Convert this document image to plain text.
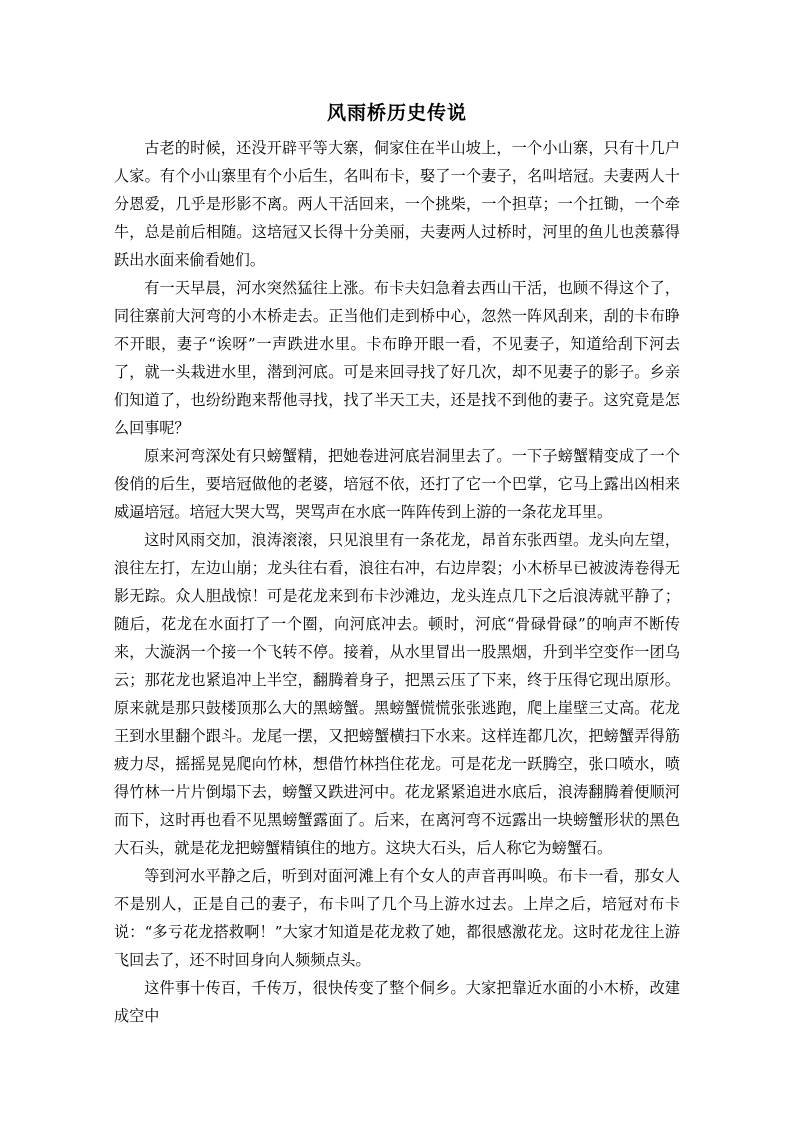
风雨桥历史传说

古老的时候，还没开辟平等大寨，侗家住在半山坡上，一个小山寨，只有十几户人家。有个小山寨里有个小后生，名叫布卡，娶了一个妻子，名叫培冠。夫妻两人十分恩爱，几乎是形影不离。两人干活回来，一个挑柴，一个担草；一个扛锄，一个牵牛，总是前后相随。这培冠又长得十分美丽，夫妻两人过桥时，河里的鱼儿也羡慕得跃出水面来偷看她们。

有一天早晨，河水突然猛往上涨。布卡夫妇急着去西山干活，也顾不得这个了，同往寨前大河弯的小木桥走去。正当他们走到桥中心，忽然一阵风刮来，刮的卡布睁不开眼，妻子“诶呀”一声跌进水里。卡布睁开眼一看，不见妻子，知道给刮下河去了，就一头栽进水里，潜到河底。可是来回寻找了好几次，却不见妻子的影子。乡亲们知道了，也纷纷跑来帮他寻找，找了半天工夫，还是找不到他的妻子。这究竟是怎么回事呢？

原来河弯深处有只螃蟹精，把她卷进河底岩洞里去了。一下子螃蟹精变成了一个俊俏的后生，要培冠做他的老婆，培冠不依，还打了它一个巴掌，它马上露出凶相来威逼培冠。培冠大哭大骂，哭骂声在水底一阵阵传到上游的一条花龙耳里。

这时风雨交加，浪涛滚滚，只见浪里有一条花龙，昂首东张西望。龙头向左望，浪往左打，左边山崩；龙头往右看，浪往右冲，右边岸裂；小木桥早已被波涛卷得无影无踪。众人胆战惊！可是花龙来到布卡沙滩边，龙头连点几下之后浪涛就平静了；随后，花龙在水面打了一个圈，向河底冲去。顿时，河底“骨碌骨碌”的响声不断传来，大漩涡一个接一个飞转不停。接着，从水里冒出一股黑烟，升到半空变作一团乌云；那花龙也紧追冲上半空，翻腾着身子，把黑云压了下来，终于压得它现出原形。原来就是那只鼓楼顶那么大的黑螃蟹。黑螃蟹慌慌张张逃跑，爬上崖壁三丈高。花龙王到水里翻个跟斗。龙尾一摆，又把螃蟹横扫下水来。这样连都几次，把螃蟹弄得筋疲力尽，摇摇晃晃爬向竹林，想借竹林挡住花龙。可是花龙一跃腾空，张口喷水，喷得竹林一片片倒塌下去，螃蟹又跌进河中。花龙紧紧追进水底后，浪涛翻腾着便顺河而下，这时再也看不见黑螃蟹露面了。后来，在离河弯不远露出一块螃蟹形状的黑色大石头，就是花龙把螃蟹精镇住的地方。这块大石头，后人称它为螃蟹石。

等到河水平静之后，听到对面河滩上有个女人的声音再叫唤。布卡一看，那女人不是别人，正是自己的妻子，布卡叫了几个马上游水过去。上岸之后，培冠对布卡说：“多亏花龙搭救啊！”大家才知道是花龙救了她，都很感激花龙。这时花龙往上游飞回去了，还不时回身向人频频点头。

这件事十传百，千传万，很快传变了整个侗乡。大家把靠近水面的小木桥，改建成空中
